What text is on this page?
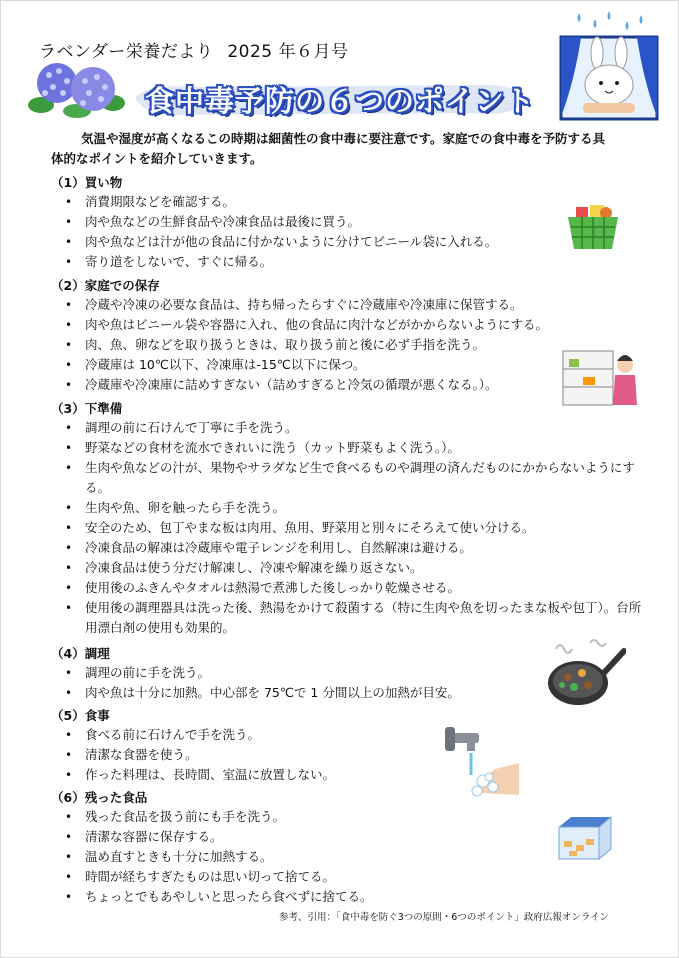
ラベンダー栄養だより 2025 年６月号
食中毒予防の６つのポイント
気温や湿度が高くなるこの時期は細菌性の食中毒に要注意です。家庭での食中毒を予防する具
体的なポイントを紹介していきます。
（1）買い物
• 消費期限などを確認する。
• 肉や魚などの生鮮食品や冷凍食品は最後に買う。
• 肉や魚などは汁が他の食品に付かないように分けてビニール袋に入れる。
• 寄り道をしないで、すぐに帰る。
（2）家庭での保存
• 冷蔵や冷凍の必要な食品は、持ち帰ったらすぐに冷蔵庫や冷凍庫に保管する。
• 肉や魚はビニール袋や容器に入れ、他の食品に肉汁などがかからないようにする。
• 肉、魚、卵などを取り扱うときは、取り扱う前と後に必ず手指を洗う。
• 冷蔵庫は 10℃以下、冷凍庫は-15℃以下に保つ。
• 冷蔵庫や冷凍庫に詰めすぎない（詰めすぎると冷気の循環が悪くなる。）。
（3）下準備
• 調理の前に石けんで丁寧に手を洗う。
• 野菜などの食材を流水できれいに洗う（カット野菜もよく洗う。）。
• 生肉や魚などの汁が、果物やサラダなど生で食べるものや調理の済んだものにかからないようにする。
• 生肉や魚、卵を触ったら手を洗う。
• 安全のため、包丁やまな板は肉用、魚用、野菜用と別々にそろえて使い分ける。
• 冷凍食品の解凍は冷蔵庫や電子レンジを利用し、自然解凍は避ける。
• 冷凍食品は使う分だけ解凍し、冷凍や解凍を繰り返さない。
• 使用後のふきんやタオルは熱湯で煮沸した後しっかり乾燥させる。
• 使用後の調理器具は洗った後、熱湯をかけて殺菌する（特に生肉や魚を切ったまな板や包丁）。台所用漂白剤の使用も効果的。
（4）調理
• 調理の前に手を洗う。
• 肉や魚は十分に加熱。中心部を 75℃で 1 分間以上の加熱が目安。
（5）食事
• 食べる前に石けんで手を洗う。
• 清潔な食器を使う。
• 作った料理は、長時間、室温に放置しない。
（6）残った食品
• 残った食品を扱う前にも手を洗う。
• 清潔な容器に保存する。
• 温め直すときも十分に加熱する。
• 時間が経ちすぎたものは思い切って捨てる。
• ちょっとでもあやしいと思ったら食べずに捨てる。
参考、引用：「食中毒を防ぐ3つの原則・6つのポイント」政府広報オンライン
